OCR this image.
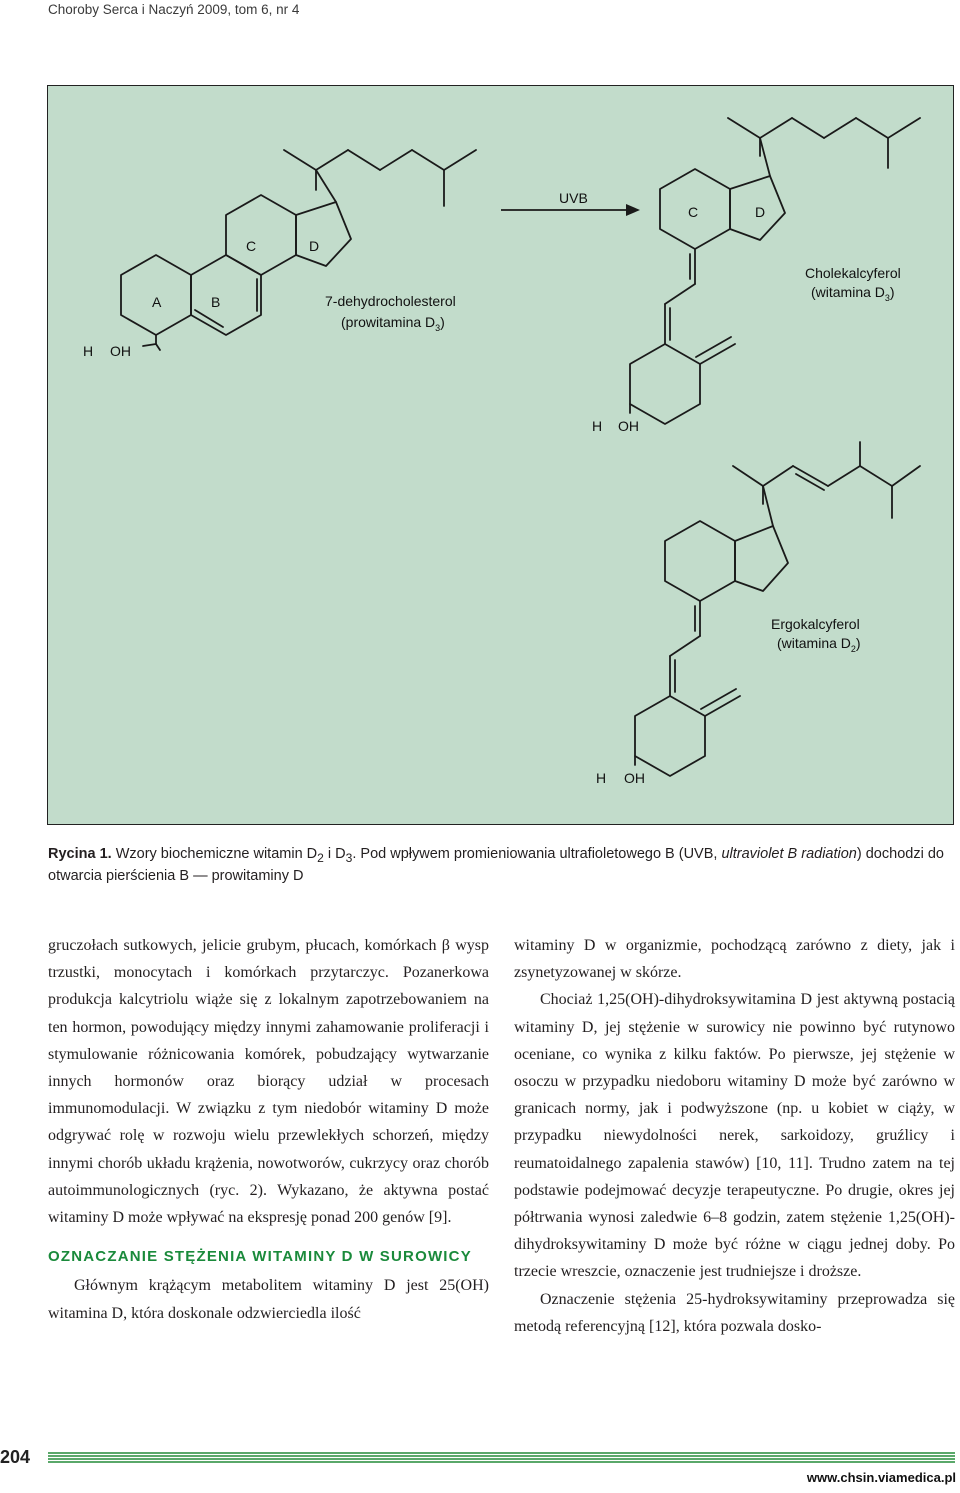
Choroby Serca i Naczyń 2009, tom 6, nr 4
A	B
C	D
H OH
7-dehydrocholesterol
(prowitamina $D_3$)
UVB
C	D
H OH
Cholekalcyferol
(witamina $D_3$)
H OH
Ergokalcyferol
(witamina $D_2$)
Rycina 1. Wzory biochemiczne witamin $D_2$ i $D_3$. Pod wpływem promieniowania ultrafioletowego B (UVB, ultraviolet B radiation) dochodzi do otwarcia pierścienia B — prowitaminy D

gruczołach sutkowych, jelicie grubym, płucach, komórkach β wysp trzustki, monocytach i komórkach przytarczyc. Pozanerkowa produkcja kalcytriolu wiąże się z lokalnym zapotrzebowaniem na ten hormon, powodujący między innymi zahamowanie proliferacji i stymulowanie różnicowania komórek, pobudzający wytwarzanie innych hormonów oraz biorący udział w procesach immunomodulacji. W związku z tym niedobór witaminy D może odgrywać rolę w rozwoju wielu przewlekłych schorzeń, między innymi chorób układu krążenia, nowotworów, cukrzycy oraz chorób autoimmunologicznych (ryc. 2). Wykazano, że aktywna postać witaminy D może wpływać na ekspresję ponad 200 genów [9].

OZNACZANIE STĘŻENIA WITAMINY D W SUROWICY

Głównym krążącym metabolitem witaminy D jest 25(OH) witamina D, która doskonale odzwierciedla ilość

witaminy D w organizmie, pochodzącą zarówno z diety, jak i zsynetyzowanej w skórze.

Chociaż 1,25(OH)-dihydroksywitamina D jest aktywną postacią witaminy D, jej stężenie w surowicy nie powinno być rutynowo oceniane, co wynika z kilku faktów. Po pierwsze, jej stężenie w osoczu w przypadku niedoboru witaminy D może być zarówno w granicach normy, jak i podwyższone (np. u kobiet w ciąży, w przypadku niewydolności nerek, sarkoidozy, gruźlicy i reumatoidalnego zapalenia stawów) [10, 11]. Trudno zatem na tej podstawie podejmować decyzje terapeutyczne. Po drugie, okres jej półtrwania wynosi zaledwie 6–8 godzin, zatem stężenie 1,25(OH)-dihydroksywitaminy D może być różne w ciągu jednej doby. Po trzecie wreszcie, oznaczenie jest trudniejsze i droższe.

Oznaczenie stężenia 25-hydroksywitaminy przeprowadza się metodą referencyjną [12], która pozwala dosko-

204
www.chsin.viamedica.pl
